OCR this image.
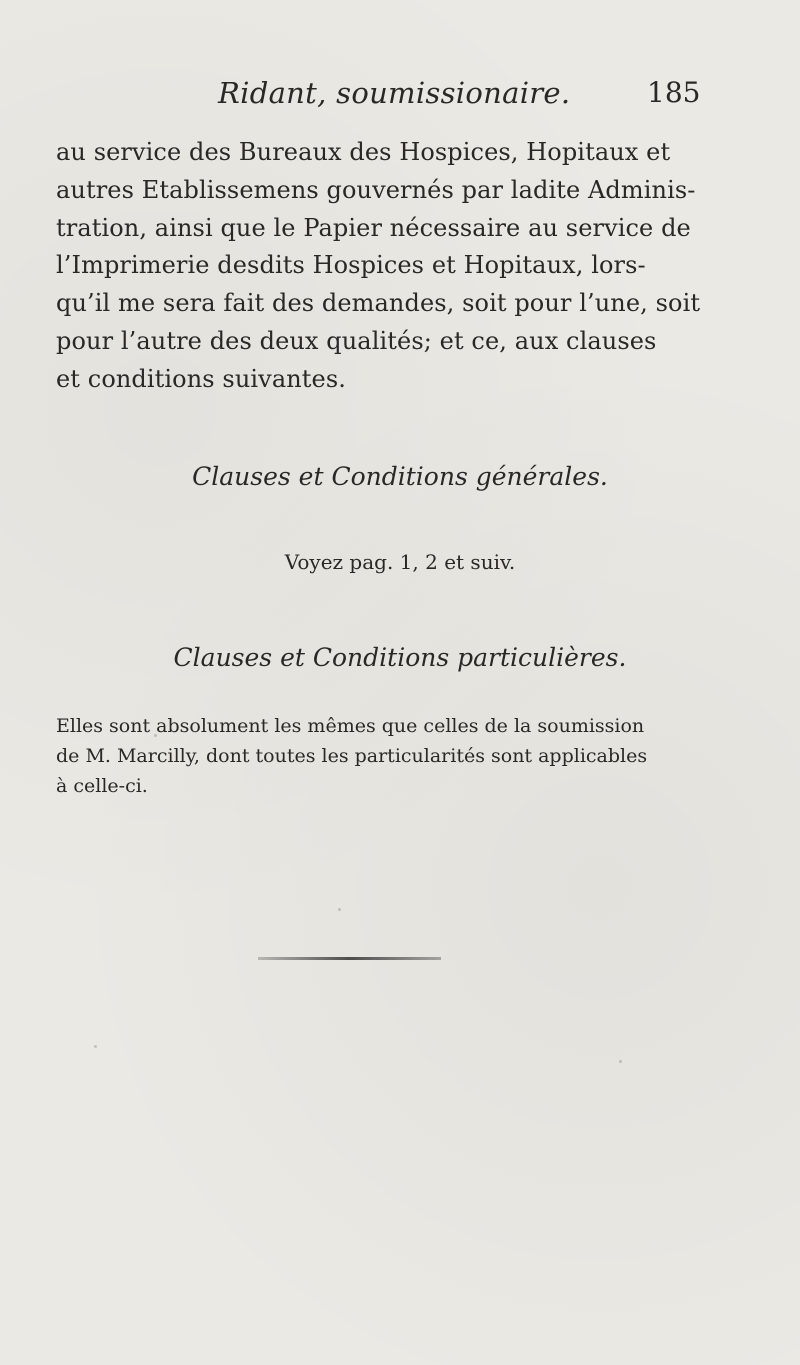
Ridant, soumissionaire.	185
au service des Bureaux des Hospices, Hopitaux et
autres Etablissemens gouvernés par ladite Adminis-
tration, ainsi que le Papier nécessaire au service de
l’Imprimerie desdits Hospices et Hopitaux, lors-
qu’il me sera fait des demandes, soit pour l’une, soit
pour l’autre des deux qualités; et ce, aux clauses
et conditions suivantes.
Clauses et Conditions générales.
Voyez pag. 1, 2 et suiv.
Clauses et Conditions particulières.
Elles sont absolument les mêmes que celles de la soumission
de M. Marcilly, dont toutes les particularités sont applicables
à celle-ci.
